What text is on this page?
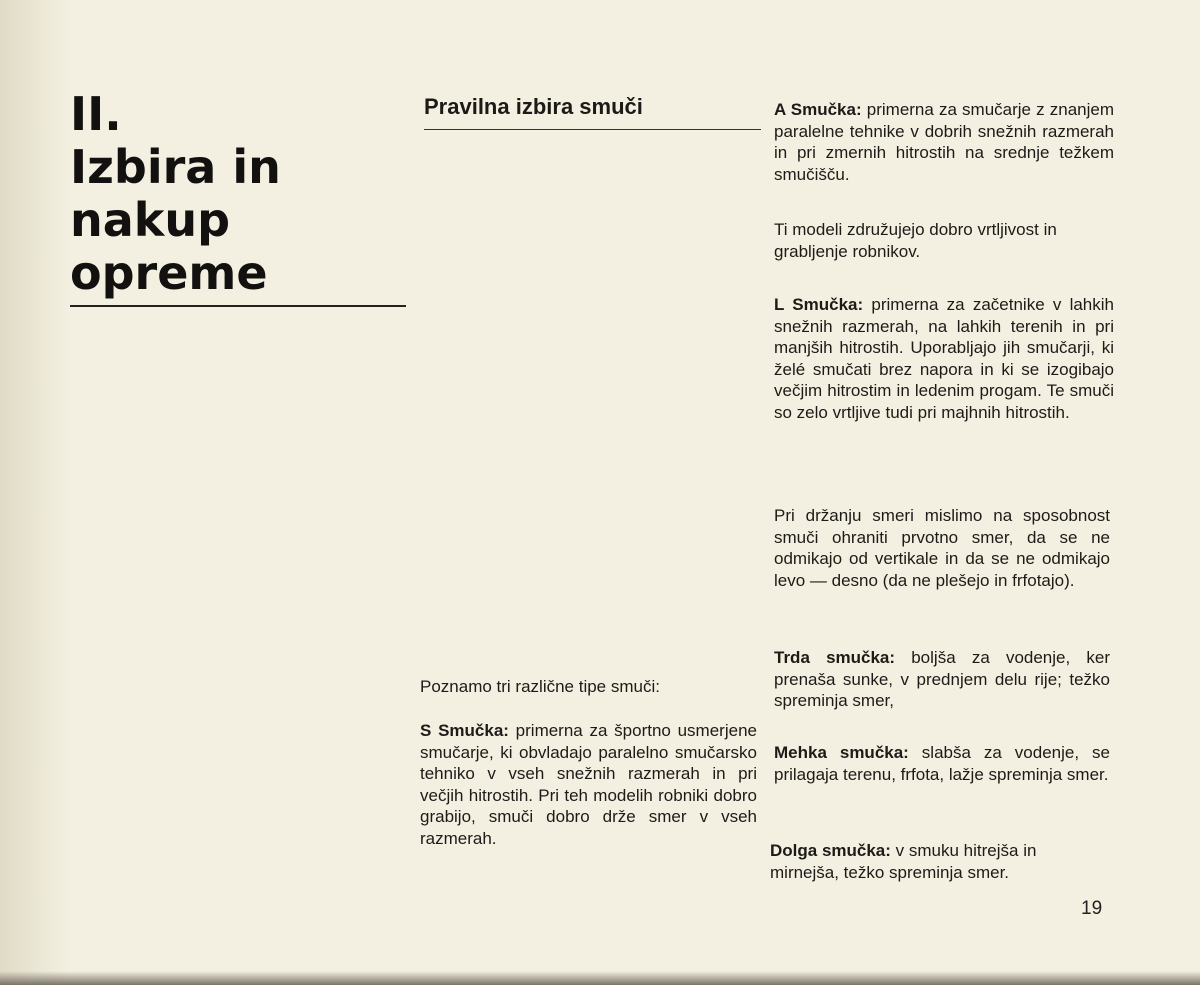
II.
Izbira in
nakup
opreme
Pravilna izbira smuči

Poznamo tri različne tipe smuči:

S Smučka: primerna za športno usmerjene smučarje, ki obvladajo paralelno smučarsko tehniko v vseh snežnih razmerah in pri večjih hitrostih. Pri teh modelih robniki dobro grabijo, smuči dobro drže smer v vseh razmerah.

A Smučka: primerna za smučarje z znanjem paralelne tehnike v dobrih snežnih razmerah in pri zmernih hitrostih na srednje težkem smučišču.

Ti modeli združujejo dobro vrtljivost in grabljenje robnikov.

L Smučka: primerna za začetnike v lahkih snežnih razmerah, na lahkih terenih in pri manjših hitrostih. Uporabljajo jih smučarji, ki želé smučati brez napora in ki se izogibajo večjim hitrostim in ledenim progam. Te smuči so zelo vrtljive tudi pri majhnih hitrostih.

Pri držanju smeri mislimo na sposobnost smuči ohraniti prvotno smer, da se ne odmikajo od vertikale in da se ne odmikajo levo — desno (da ne plešejo in frfotajo).

Trda smučka: boljša za vodenje, ker prenaša sunke, v prednjem delu rije; težko spreminja smer,

Mehka smučka: slabša za vodenje, se prilagaja terenu, frfota, lažje spreminja smer.

Dolga smučka: v smuku hitrejša in mirnejša, težko spreminja smer.

19
